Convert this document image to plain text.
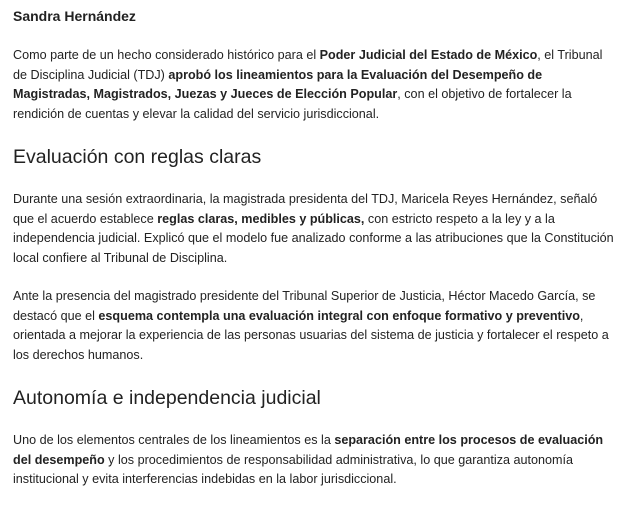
Sandra Hernández

Como parte de un hecho considerado histórico para el Poder Judicial del Estado de México, el Tribunal
de Disciplina Judicial (TDJ) aprobó los lineamientos para la Evaluación del Desempeño de
Magistradas, Magistrados, Juezas y Jueces de Elección Popular, con el objetivo de fortalecer la
rendición de cuentas y elevar la calidad del servicio jurisdiccional.

Evaluación con reglas claras

Durante una sesión extraordinaria, la magistrada presidenta del TDJ, Maricela Reyes Hernández, señaló
que el acuerdo establece reglas claras, medibles y públicas, con estricto respeto a la ley y a la
independencia judicial. Explicó que el modelo fue analizado conforme a las atribuciones que la Constitución
local confiere al Tribunal de Disciplina.

Ante la presencia del magistrado presidente del Tribunal Superior de Justicia, Héctor Macedo García, se
destacó que el esquema contempla una evaluación integral con enfoque formativo y preventivo,
orientada a mejorar la experiencia de las personas usuarias del sistema de justicia y fortalecer el respeto a
los derechos humanos.

Autonomía e independencia judicial

Uno de los elementos centrales de los lineamientos es la separación entre los procesos de evaluación
del desempeño y los procedimientos de responsabilidad administrativa, lo que garantiza autonomía
institucional y evita interferencias indebidas en la labor jurisdiccional.
